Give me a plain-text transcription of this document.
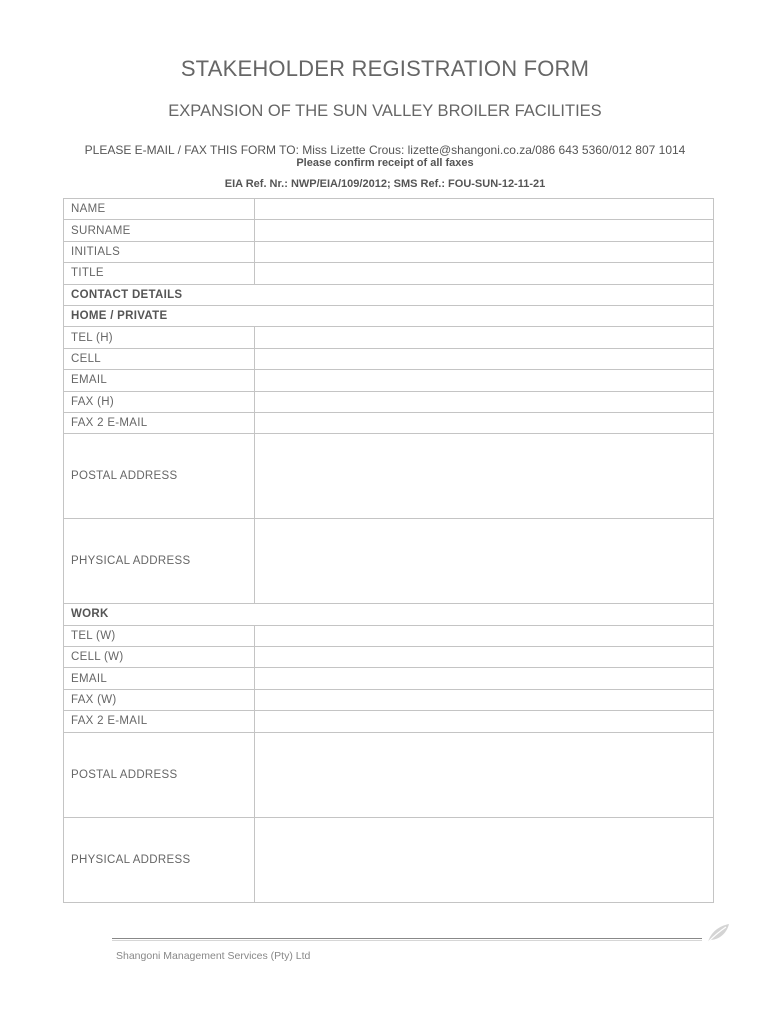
STAKEHOLDER REGISTRATION FORM
EXPANSION OF THE SUN VALLEY BROILER FACILITIES
PLEASE E-MAIL / FAX THIS FORM TO: Miss Lizette Crous: lizette@shangoni.co.za/086 643 5360/012 807 1014
Please confirm receipt of all faxes
EIA Ref. Nr.: NWP/EIA/109/2012; SMS Ref.: FOU-SUN-12-11-21
NAME	
SURNAME	
INITIALS	
TITLE	
CONTACT DETAILS	
HOME / PRIVATE	
TEL (H)	
CELL	
EMAIL	
FAX (H)	
FAX 2 E-MAIL	
POSTAL ADDRESS	
PHYSICAL ADDRESS	
WORK	
TEL (W)	
CELL (W)	
EMAIL	
FAX (W)	
FAX 2 E-MAIL	
POSTAL ADDRESS	
PHYSICAL ADDRESS	
Shangoni Management Services (Pty) Ltd
